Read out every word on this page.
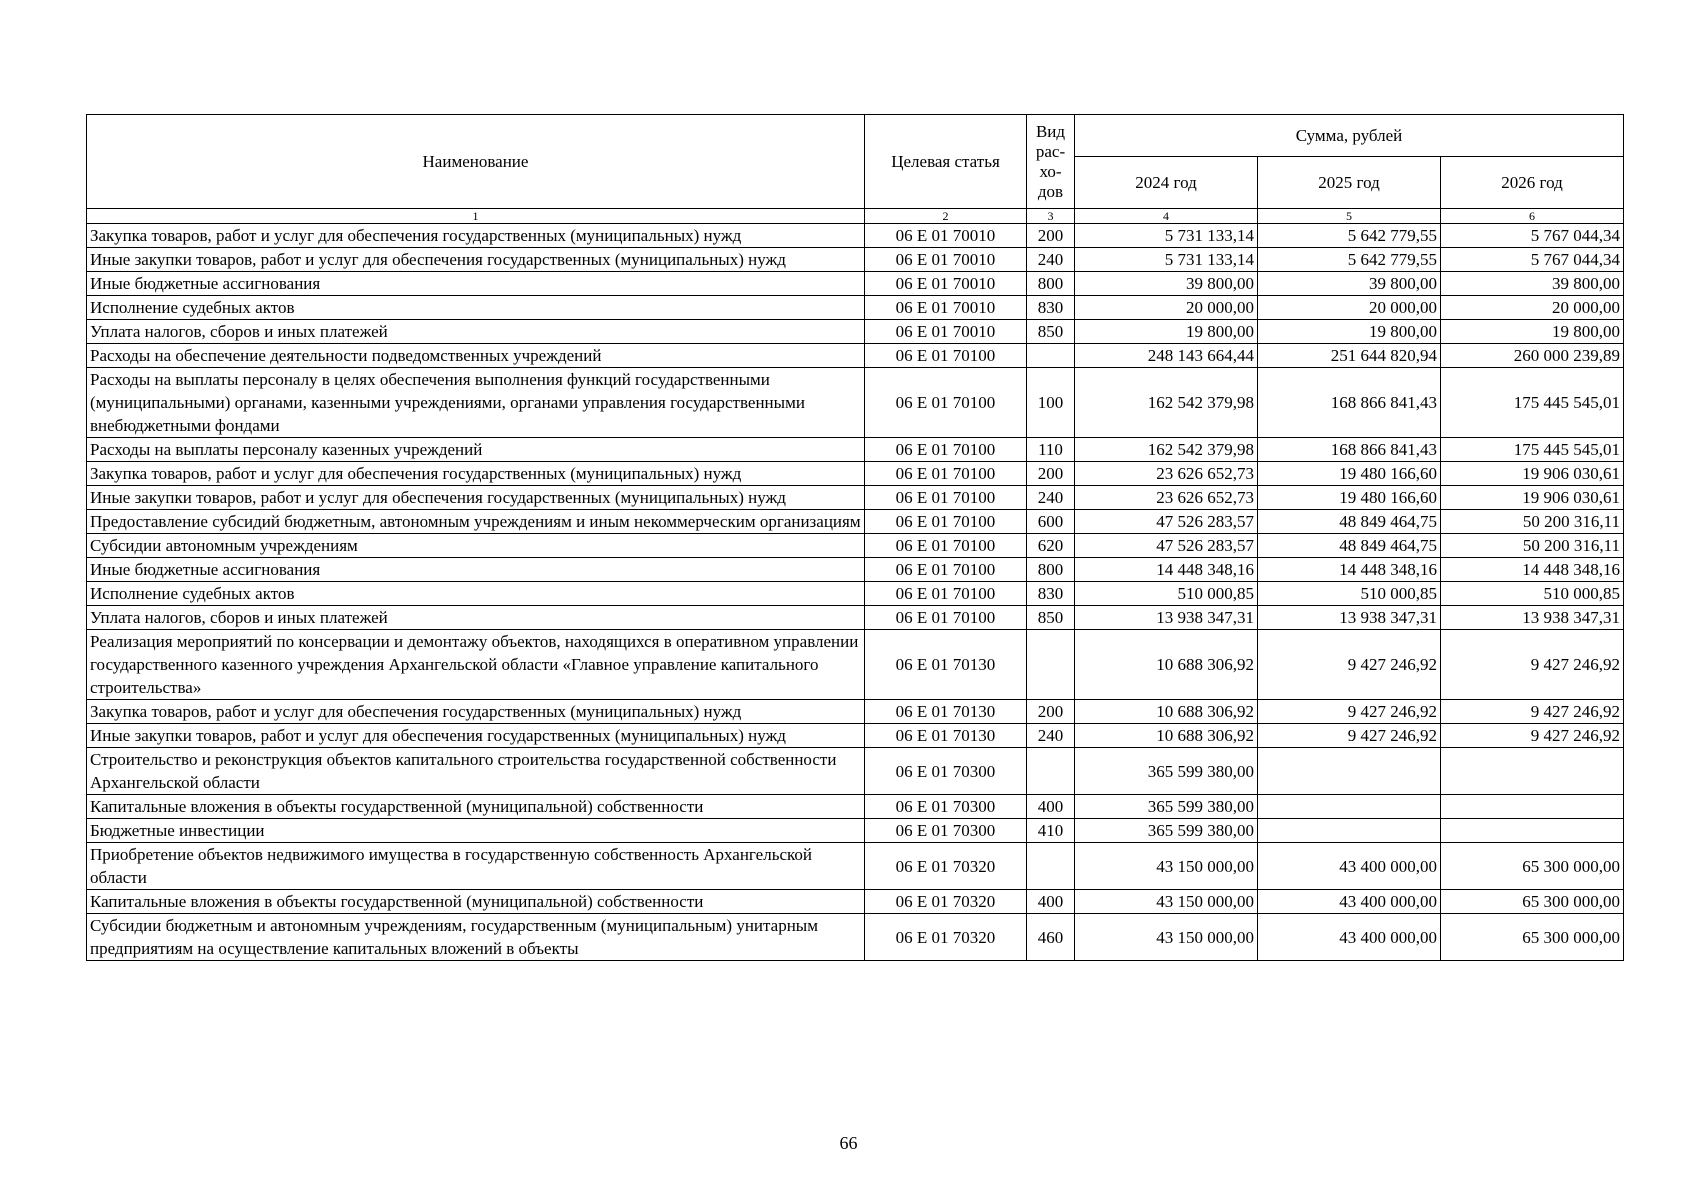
Наименование	Целевая статья	Вид рас-хо-дов	Сумма, рублей		
			2024 год	2025 год	2026 год
1	2	3	4	5	6
Закупка товаров, работ и услуг для обеспечения государственных (муниципальных) нужд	06 Е 01 70010	200	5 731 133,14	5 642 779,55	5 767 044,34
Иные закупки товаров, работ и услуг для обеспечения государственных (муниципальных) нужд	06 Е 01 70010	240	5 731 133,14	5 642 779,55	5 767 044,34
Иные бюджетные ассигнования	06 Е 01 70010	800	39 800,00	39 800,00	39 800,00
Исполнение судебных актов	06 Е 01 70010	830	20 000,00	20 000,00	20 000,00
Уплата налогов, сборов и иных платежей	06 Е 01 70010	850	19 800,00	19 800,00	19 800,00
Расходы на обеспечение деятельности подведомственных учреждений	06 Е 01 70100		248 143 664,44	251 644 820,94	260 000 239,89
Расходы на выплаты персоналу в целях обеспечения выполнения функций государственными (муниципальными) органами, казенными учреждениями, органами управления государственными внебюджетными фондами	06 Е 01 70100	100	162 542 379,98	168 866 841,43	175 445 545,01
Расходы на выплаты персоналу казенных учреждений	06 Е 01 70100	110	162 542 379,98	168 866 841,43	175 445 545,01
Закупка товаров, работ и услуг для обеспечения государственных (муниципальных) нужд	06 Е 01 70100	200	23 626 652,73	19 480 166,60	19 906 030,61
Иные закупки товаров, работ и услуг для обеспечения государственных (муниципальных) нужд	06 Е 01 70100	240	23 626 652,73	19 480 166,60	19 906 030,61
Предоставление субсидий бюджетным, автономным учреждениям и иным некоммерческим организациям	06 Е 01 70100	600	47 526 283,57	48 849 464,75	50 200 316,11
Субсидии автономным учреждениям	06 Е 01 70100	620	47 526 283,57	48 849 464,75	50 200 316,11
Иные бюджетные ассигнования	06 Е 01 70100	800	14 448 348,16	14 448 348,16	14 448 348,16
Исполнение судебных актов	06 Е 01 70100	830	510 000,85	510 000,85	510 000,85
Уплата налогов, сборов и иных платежей	06 Е 01 70100	850	13 938 347,31	13 938 347,31	13 938 347,31
Реализация мероприятий по консервации и демонтажу объектов, находящихся в оперативном управлении государственного казенного учреждения Архангельской области «Главное управление капитального строительства»	06 Е 01 70130		10 688 306,92	9 427 246,92	9 427 246,92
Закупка товаров, работ и услуг для обеспечения государственных (муниципальных) нужд	06 Е 01 70130	200	10 688 306,92	9 427 246,92	9 427 246,92
Иные закупки товаров, работ и услуг для обеспечения государственных (муниципальных) нужд	06 Е 01 70130	240	10 688 306,92	9 427 246,92	9 427 246,92
Строительство и реконструкция объектов капитального строительства государственной собственности Архангельской области	06 Е 01 70300		365 599 380,00		
Капитальные вложения в объекты государственной (муниципальной) собственности	06 Е 01 70300	400	365 599 380,00		
Бюджетные инвестиции	06 Е 01 70300	410	365 599 380,00		
Приобретение объектов недвижимого имущества в государственную собственность Архангельской области	06 Е 01 70320		43 150 000,00	43 400 000,00	65 300 000,00
Капитальные вложения в объекты государственной (муниципальной) собственности	06 Е 01 70320	400	43 150 000,00	43 400 000,00	65 300 000,00
Субсидии бюджетным и автономным учреждениям, государственным (муниципальным) унитарным предприятиям на осуществление капитальных вложений в объекты	06 Е 01 70320	460	43 150 000,00	43 400 000,00	65 300 000,00
66
